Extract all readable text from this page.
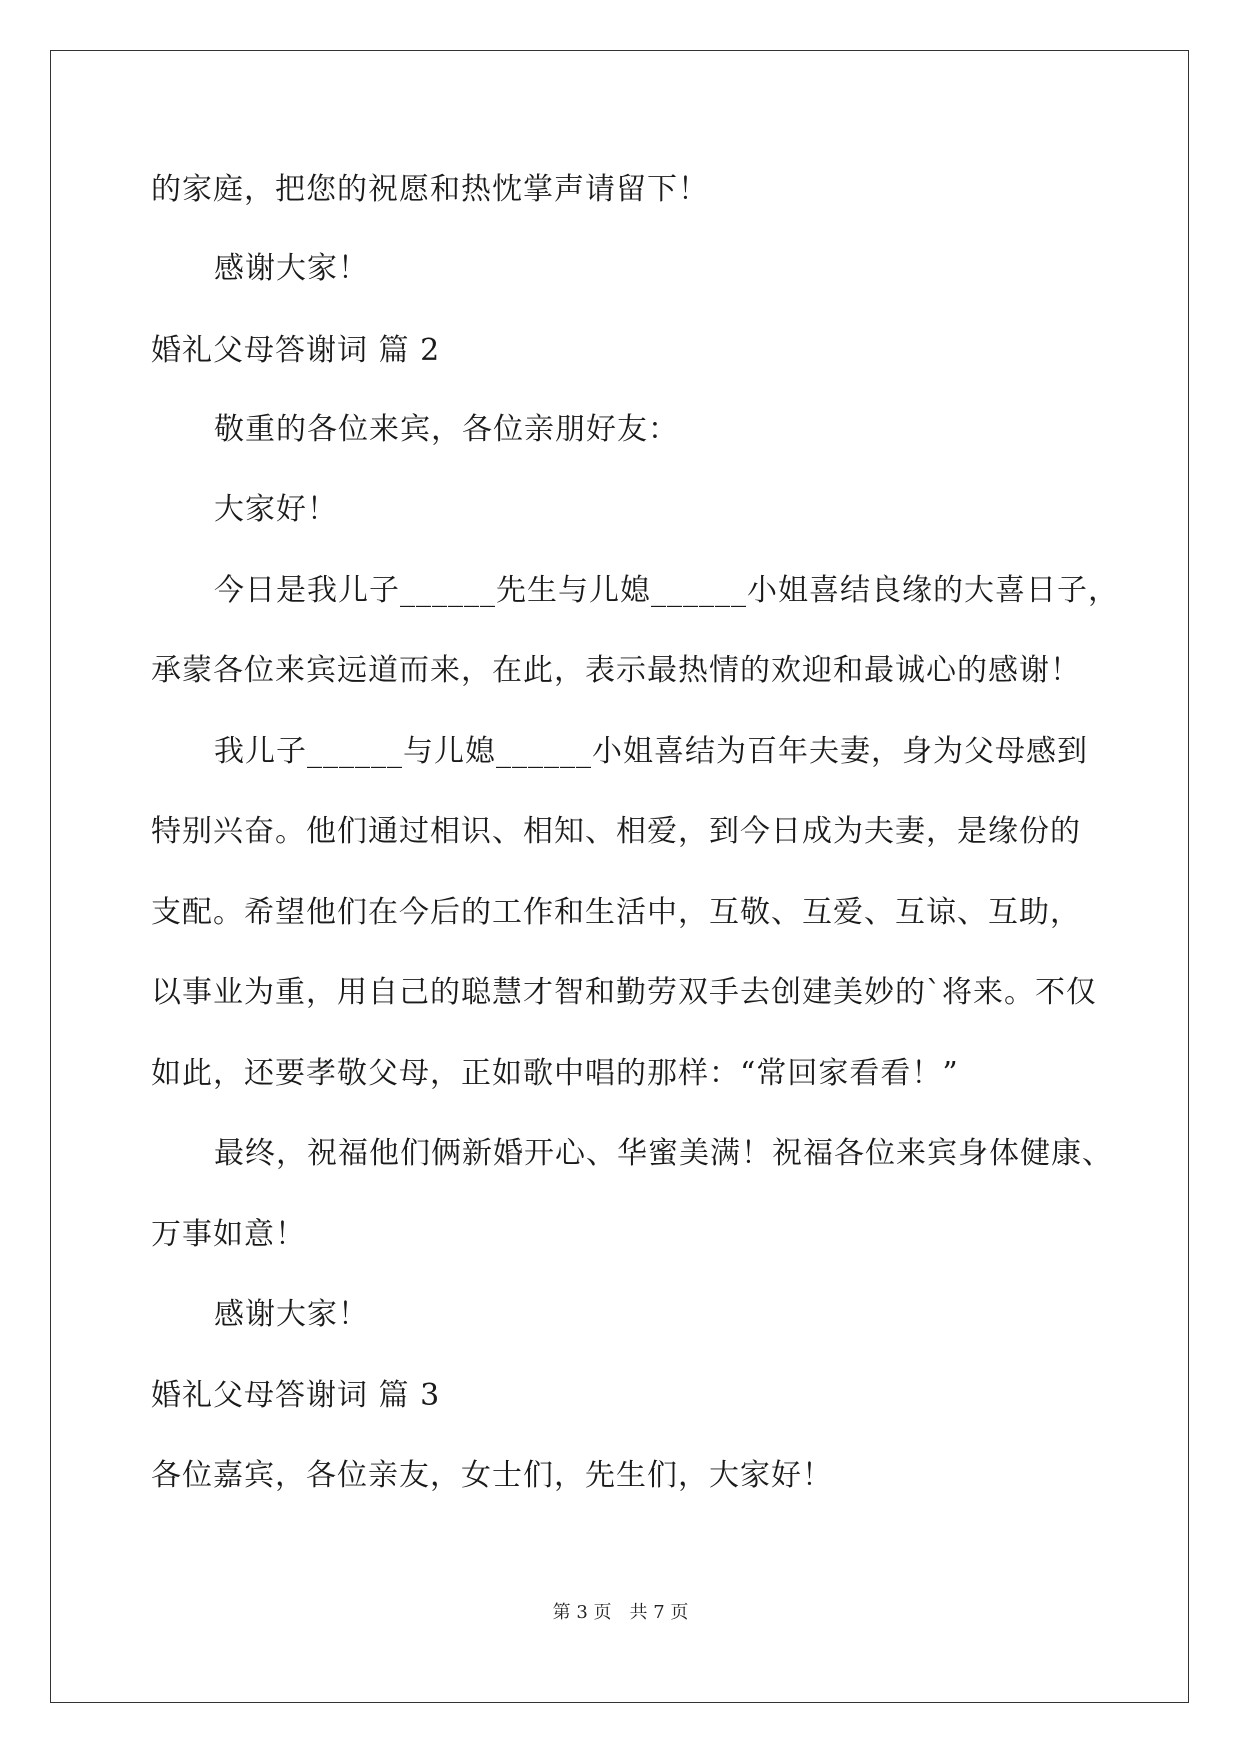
的家庭，把您的祝愿和热忱掌声请留下！
感谢大家！
婚礼父母答谢词 篇 2
敬重的各位来宾，各位亲朋好友：
大家好！
今日是我儿子______先生与儿媳______小姐喜结良缘的大喜日子，
承蒙各位来宾远道而来，在此，表示最热情的欢迎和最诚心的感谢！
我儿子______与儿媳______小姐喜结为百年夫妻，身为父母感到
特别兴奋。他们通过相识、相知、相爱，到今日成为夫妻，是缘份的
支配。希望他们在今后的工作和生活中，互敬、互爱、互谅、互助，
以事业为重，用自己的聪慧才智和勤劳双手去创建美妙的`将来。不仅
如此，还要孝敬父母，正如歌中唱的那样：“常回家看看！”
最终，祝福他们俩新婚开心、华蜜美满！祝福各位来宾身体健康、
万事如意！
感谢大家！
婚礼父母答谢词 篇 3
各位嘉宾，各位亲友，女士们，先生们，大家好！
第 3 页　共 7 页
